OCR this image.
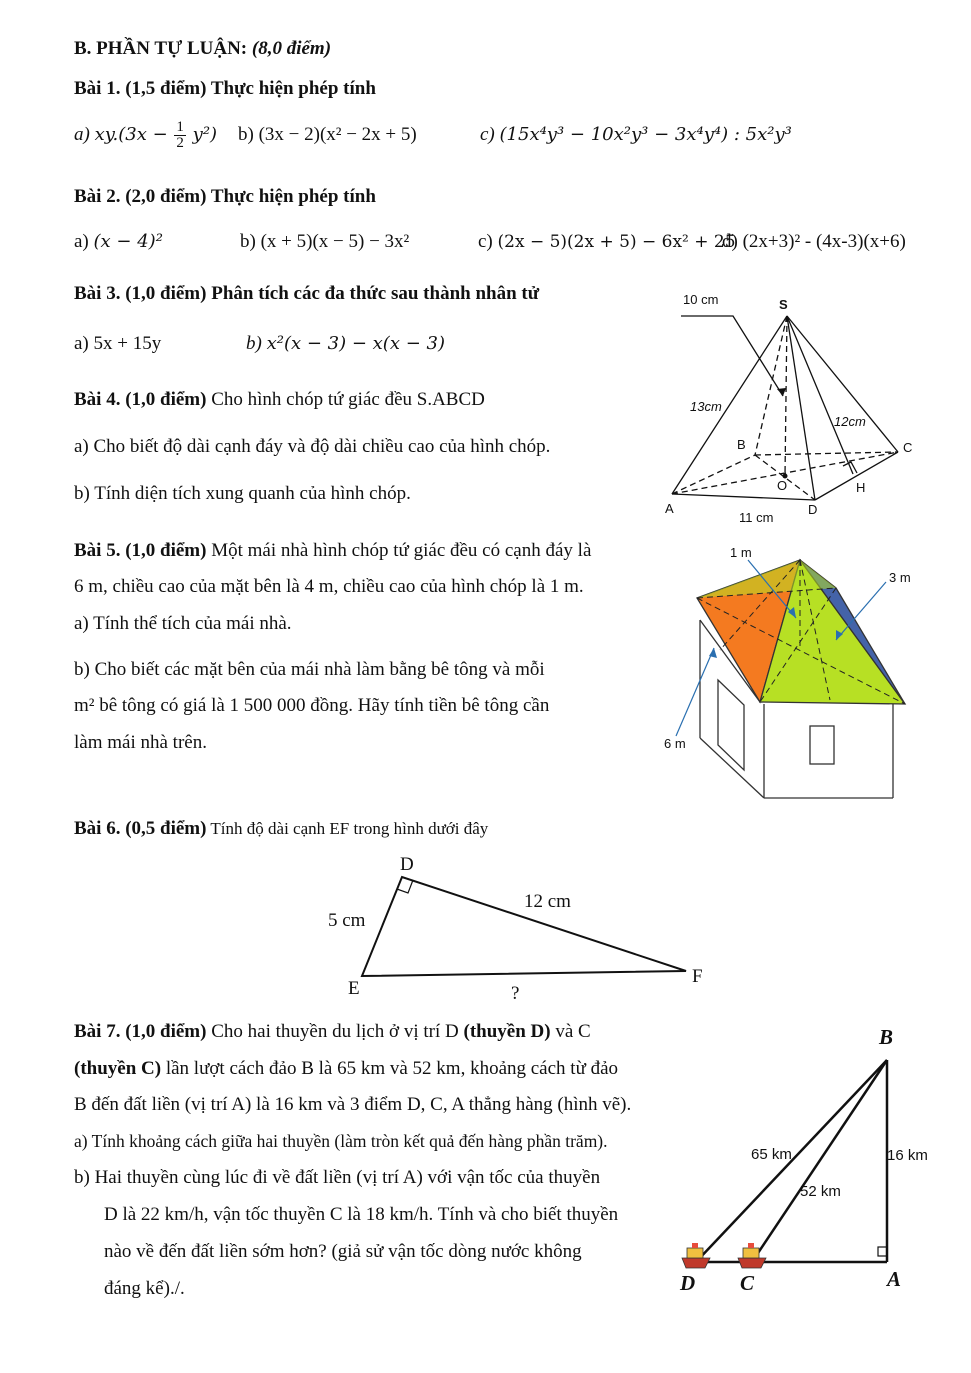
B. PHẦN TỰ LUẬN: (8,0 điểm)
Bài 1. (1,5 điểm) Thực hiện phép tính
a) $xy.(3x - \frac{1}{2} y^2)$ b) (3x − 2)(x² − 2x + 5)	c) (15x⁴y³ − 10x²y³ − 3x⁴y⁴) : 5x²y³
Bài 2. (2,0 điểm) Thực hiện phép tính
a) (x − 4)²	b) (x + 5)(x − 5) − 3x²	c) (2x − 5)(2x + 5) − 6x² + 25
d) (2x+3)² - (4x-3)(x+6)
Bài 3. (1,0 điểm) Phân tích các đa thức sau thành nhân tử
a) 5x + 15y	b) x²(x − 3) − x(x − 3)
Bài 4. (1,0 điểm) Cho hình chóp tứ giác đều S.ABCD
a) Cho biết độ dài cạnh đáy và độ dài chiều cao của hình chóp.
b) Tính diện tích xung quanh của hình chóp.
10 cm	S
13cm
12cm
B	C
O	H
A
11 cm
D
Bài 5. (1,0 điểm) Một mái nhà hình chóp tứ giác đều có cạnh đáy là
6 m, chiều cao của mặt bên là 4 m, chiều cao của hình chóp là 1 m.
a) Tính thể tích của mái nhà.
b) Cho biết các mặt bên của mái nhà làm bằng bê tông và mỗi
m² bê tông có giá là 1 500 000 đồng. Hãy tính tiền bê tông cần
làm mái nhà trên.
1 m
3 m
6 m
Bài 6. (0,5 điểm) Tính độ dài cạnh EF trong hình dưới đây
D
5 cm
12 cm
F
E	?
Bài 7. (1,0 điểm) Cho hai thuyền du lịch ở vị trí D (thuyền D) và C
(thuyền C) lần lượt cách đảo B là 65 km và 52 km, khoảng cách từ đảo
B đến đất liền (vị trí A) là 16 km và 3 điểm D, C, A thẳng hàng (hình vẽ).
a) Tính khoảng cách giữa hai thuyền (làm tròn kết quả đến hàng phần trăm).
b) Hai thuyền cùng lúc đi về đất liền (vị trí A) với vận tốc của thuyền
D là 22 km/h, vận tốc thuyền C là 18 km/h. Tính và cho biết thuyền
nào về đến đất liền sớm hơn? (giả sử vận tốc dòng nước không
đáng kể)./.
B
65 km	16 km
52 km
D C	A
